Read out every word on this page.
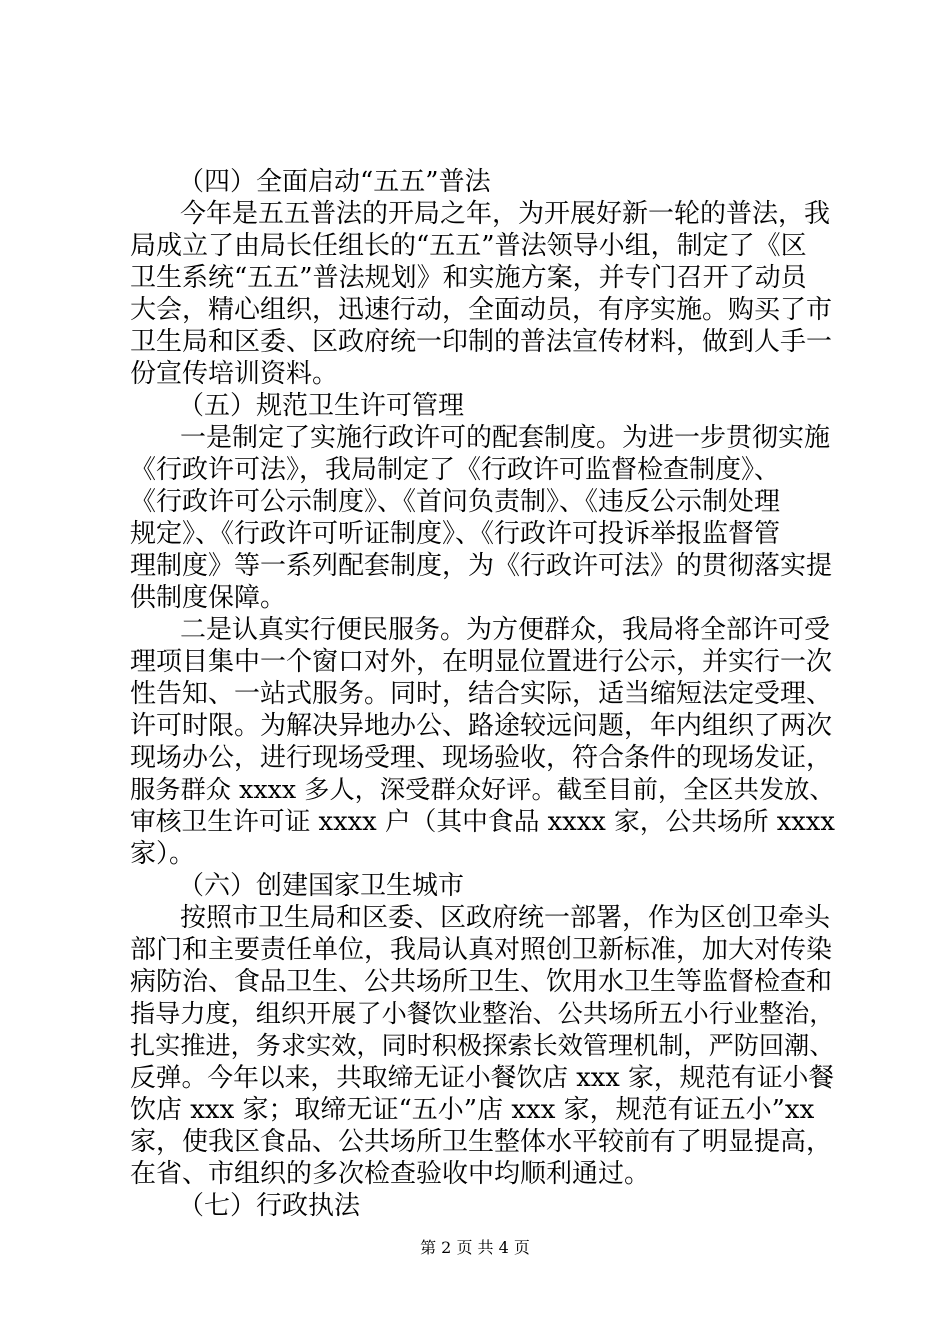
（四）全面启动“五五”普法
今年是五五普法的开局之年，为开展好新一轮的普法，我
局成立了由局长任组长的“五五”普法领导小组，制定了《区
卫生系统“五五”普法规划》和实施方案，并专门召开了动员
大会，精心组织，迅速行动，全面动员，有序实施。购买了市
卫生局和区委、区政府统一印制的普法宣传材料，做到人手一
份宣传培训资料。
（五）规范卫生许可管理
一是制定了实施行政许可的配套制度。为进一步贯彻实施
《行政许可法》，我局制定了《行政许可监督检查制度》、
《行政许可公示制度》、《首问负责制》、《违反公示制处理
规定》、《行政许可听证制度》、《行政许可投诉举报监督管
理制度》等一系列配套制度，为《行政许可法》的贯彻落实提
供制度保障。
二是认真实行便民服务。为方便群众，我局将全部许可受
理项目集中一个窗口对外，在明显位置进行公示，并实行一次
性告知、一站式服务。同时，结合实际，适当缩短法定受理、
许可时限。为解决异地办公、路途较远问题，年内组织了两次
现场办公，进行现场受理、现场验收，符合条件的现场发证，
服务群众 xxxx 多人，深受群众好评。截至目前，全区共发放、
审核卫生许可证 xxxx 户（其中食品 xxxx 家，公共场所 xxxx
家）。
（六）创建国家卫生城市
按照市卫生局和区委、区政府统一部署，作为区创卫牵头
部门和主要责任单位，我局认真对照创卫新标准，加大对传染
病防治、食品卫生、公共场所卫生、饮用水卫生等监督检查和
指导力度，组织开展了小餐饮业整治、公共场所五小行业整治，
扎实推进，务求实效，同时积极探索长效管理机制，严防回潮、
反弹。今年以来，共取缔无证小餐饮店 xxx 家，规范有证小餐
饮店 xxx 家；取缔无证“五小”店 xxx 家，规范有证五小”xx
家，使我区食品、公共场所卫生整体水平较前有了明显提高，
在省、市组织的多次检查验收中均顺利通过。
（七）行政执法
第 2 页 共 4 页
